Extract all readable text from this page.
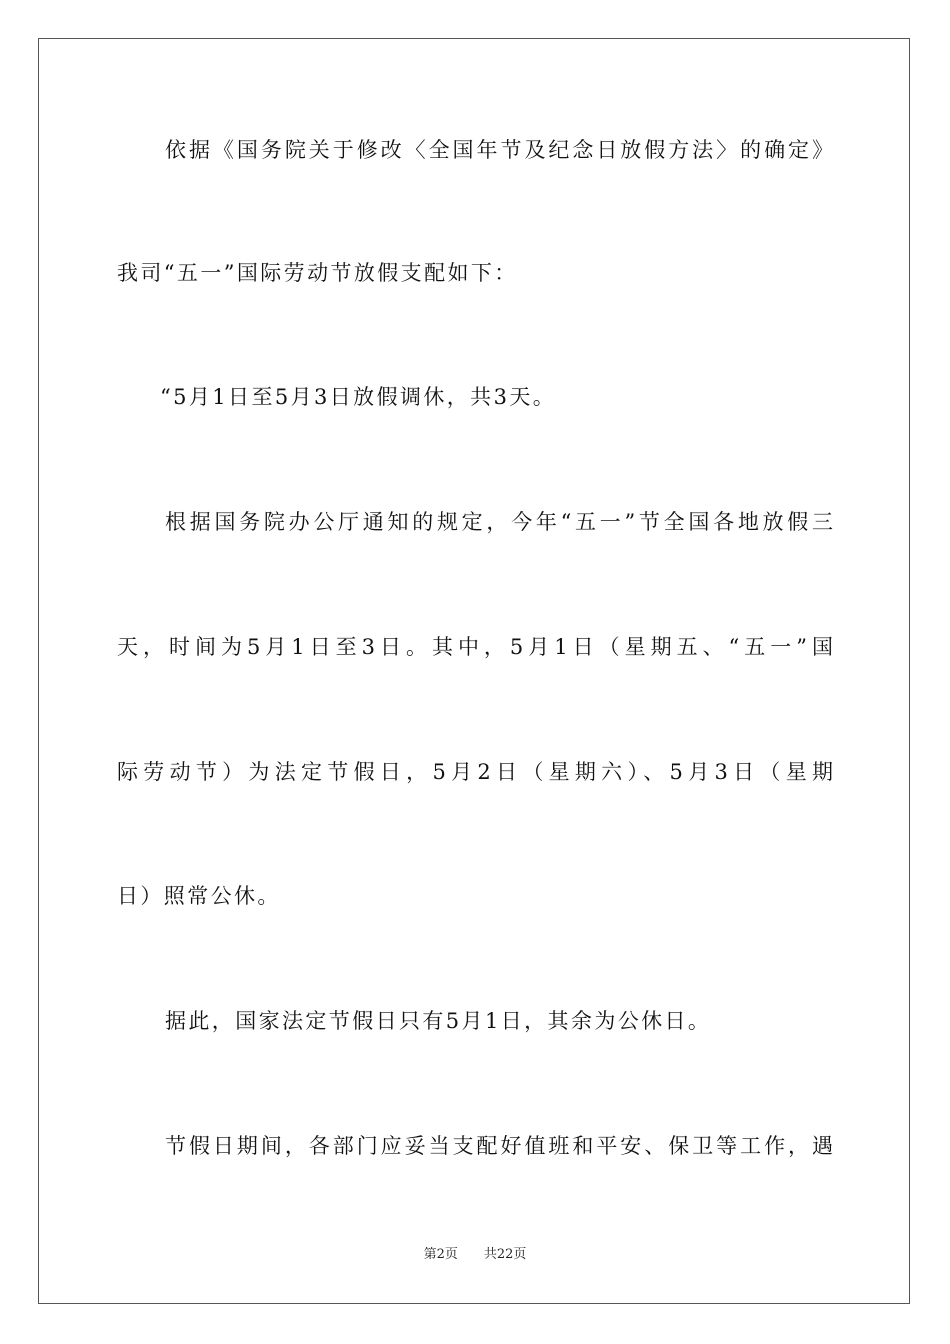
依据《国务院关于修改〈全国年节及纪念日放假方法〉的确定》
我司“五一”国际劳动节放假支配如下：
“5月1日至5月3日放假调休，共3天。
根据国务院办公厅通知的规定，今年“五一”节全国各地放假三
天，时间为5月1日至3日。其中，5月1日（星期五、“五一”国
际劳动节）为法定节假日，5月2日（星期六）、5月3日（星期
日）照常公休。
据此，国家法定节假日只有5月1日，其余为公休日。
节假日期间，各部门应妥当支配好值班和平安、保卫等工作，遇
第2页 共22页
